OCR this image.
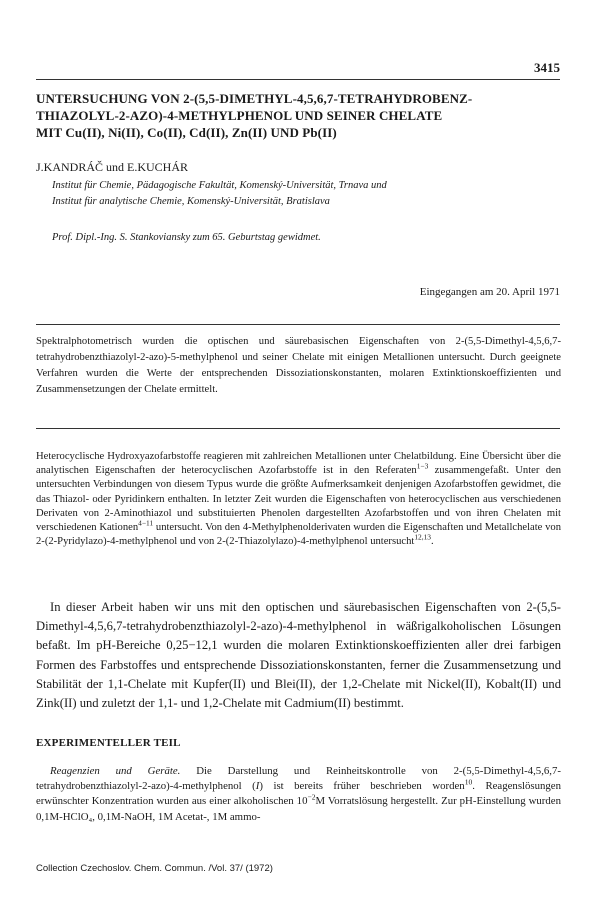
3415
UNTERSUCHUNG VON 2-(5,5-DIMETHYL-4,5,6,7-TETRAHYDROBENZ-
THIAZOLYL-2-AZO)-4-METHYLPHENOL UND SEINER CHELATE
MIT Cu(II), Ni(II), Co(II), Cd(II), Zn(II) UND Pb(II)
J.KANDRÁČ und E.KUCHÁR
Institut für Chemie, Pädagogische Fakultät, Komenský-Universität, Trnava und
Institut für analytische Chemie, Komenský-Universität, Bratislava
Prof. Dipl.-Ing. S. Stankoviansky zum 65. Geburtstag gewidmet.
Eingegangen am 20. April 1971
Spektralphotometrisch wurden die optischen und säurebasischen Eigenschaften von 2-(5,5-Dimethyl-4,5,6,7-tetrahydrobenzthiazolyl-2-azo)-5-methylphenol und seiner Chelate mit einigen Metallionen untersucht. Durch geeignete Verfahren wurden die Werte der entsprechenden Dissoziationskonstanten, molaren Extinktionskoeffizienten und Zusammensetzungen der Chelate ermittelt.
Heterocyclische Hydroxyazofarbstoffe reagieren mit zahlreichen Metallionen unter Chelatbildung. Eine Übersicht über die analytischen Eigenschaften der heterocyclischen Azofarbstoffe ist in den Referaten$^{1-3}$ zusammengefaßt. Unter den untersuchten Verbindungen von diesem Typus wurde die größte Aufmerksamkeit denjenigen Azofarbstoffen gewidmet, die das Thiazol- oder Pyridinkern enthalten. In letzter Zeit wurden die Eigenschaften von heterocyclischen aus verschiedenen Derivaten von 2-Aminothiazol und substituierten Phenolen dargestellten Azofarbstoffen und von ihren Chelaten mit verschiedenen Kationen$^{4-11}$ untersucht. Von den 4-Methylphenolderivaten wurden die Eigenschaften und Metallchelate von 2-(2-Pyridylazo)-4-methylphenol und von 2-(2-Thiazolylazo)-4-methylphenol untersucht$^{12,13}$.
In dieser Arbeit haben wir uns mit den optischen und säurebasischen Eigenschaften von 2-(5,5-Dimethyl-4,5,6,7-tetrahydrobenzthiazolyl-2-azo)-4-methylphenol in wäßrigalkoholischen Lösungen befaßt. Im pH-Bereiche 0,25−12,1 wurden die molaren Extinktionskoeffizienten aller drei farbigen Formen des Farbstoffes und entsprechende Dissoziationskonstanten, ferner die Zusammensetzung und Stabilität der 1,1-Chelate mit Kupfer(II) und Blei(II), der 1,2-Chelate mit Nickel(II), Kobalt(II) und Zink(II) und zuletzt der 1,1- und 1,2-Chelate mit Cadmium(II) bestimmt.
EXPERIMENTELLER TEIL
Reagenzien und Geräte. Die Darstellung und Reinheitskontrolle von 2-(5,5-Dimethyl-4,5,6,7-tetrahydrobenzthiazolyl-2-azo)-4-methylphenol (I) ist bereits früher beschrieben worden$^{10}$. Reagenslösungen erwünschter Konzentration wurden aus einer alkoholischen $10^{-2}M$ Vorratslösung hergestellt. Zur pH-Einstellung wurden 0,1M-HClO₄, 0,1M-NaOH, 1M Acetat-, 1M ammo-
Collection Czechoslov. Chem. Commun. /Vol. 37/ (1972)
